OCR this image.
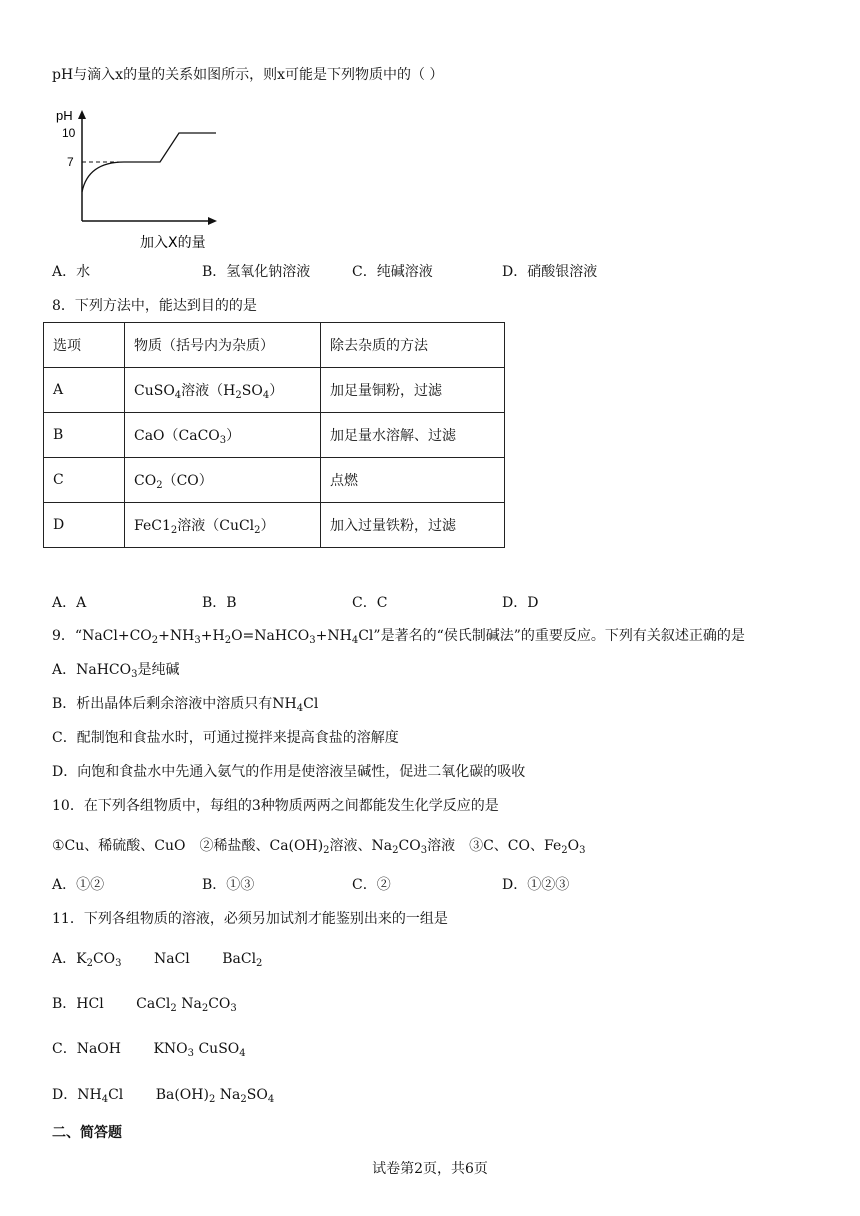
pH与滴入x的量的关系如图所示，则x可能是下列物质中的（ ）
pH
10
7
加入X的量
A．水	B．氢氧化钠溶液	C．纯碱溶液	D．硝酸银溶液
8．下列方法中，能达到目的的是
选项	物质（括号内为杂质）	除去杂质的方法
A	CuSO$_4$溶液$(H_2SO_4)$	加足量铜粉，过滤
B	CaO（CaCO$_3$）	加足量水溶解、过滤
C	$CO_2(CO)$	点燃
D	$FeC1_2$溶液（CuCl$_2$）	加入过量铁粉，过滤
A．A	B．B	C．C	D．D
9．“$NaCl+CO_2+NH_3+H_2O=NaHCO_3+NH_4Cl$”是著名的“侯氏制碱法”的重要反应。下列有关叙述正确的是
A．NaHCO$_3$是纯碱
B．析出晶体后剩余溶液中溶质只有$NH_4Cl$
C．配制饱和食盐水时，可通过搅拌来提高食盐的溶解度
D．向饱和食盐水中先通入氨气的作用是使溶液呈碱性，促进二氧化碳的吸收
10．在下列各组物质中，每组的3种物质两两之间都能发生化学反应的是
①Cu、稀硫酸、CuO　②稀盐酸、$Ca(OH)_2$溶液、$Na_2CO_3$溶液　③C、CO、$Fe_2O_3$
A．①②	B．①③	C．②	D．①②③
11．下列各组物质的溶液，必须另加试剂才能鉴别出来的一组是
A．$K_2CO_3$　　 NaCl　　 BaCl$_2$
B．HCl　　 CaCl$_2$ $Na_2CO_3$
C．NaOH　　 $KNO_3$ CuSO$_4$
D．$NH_4Cl$　　 $Ba(OH)_2$ $Na_2SO_4$
二、简答题
试卷第2页，共6页
